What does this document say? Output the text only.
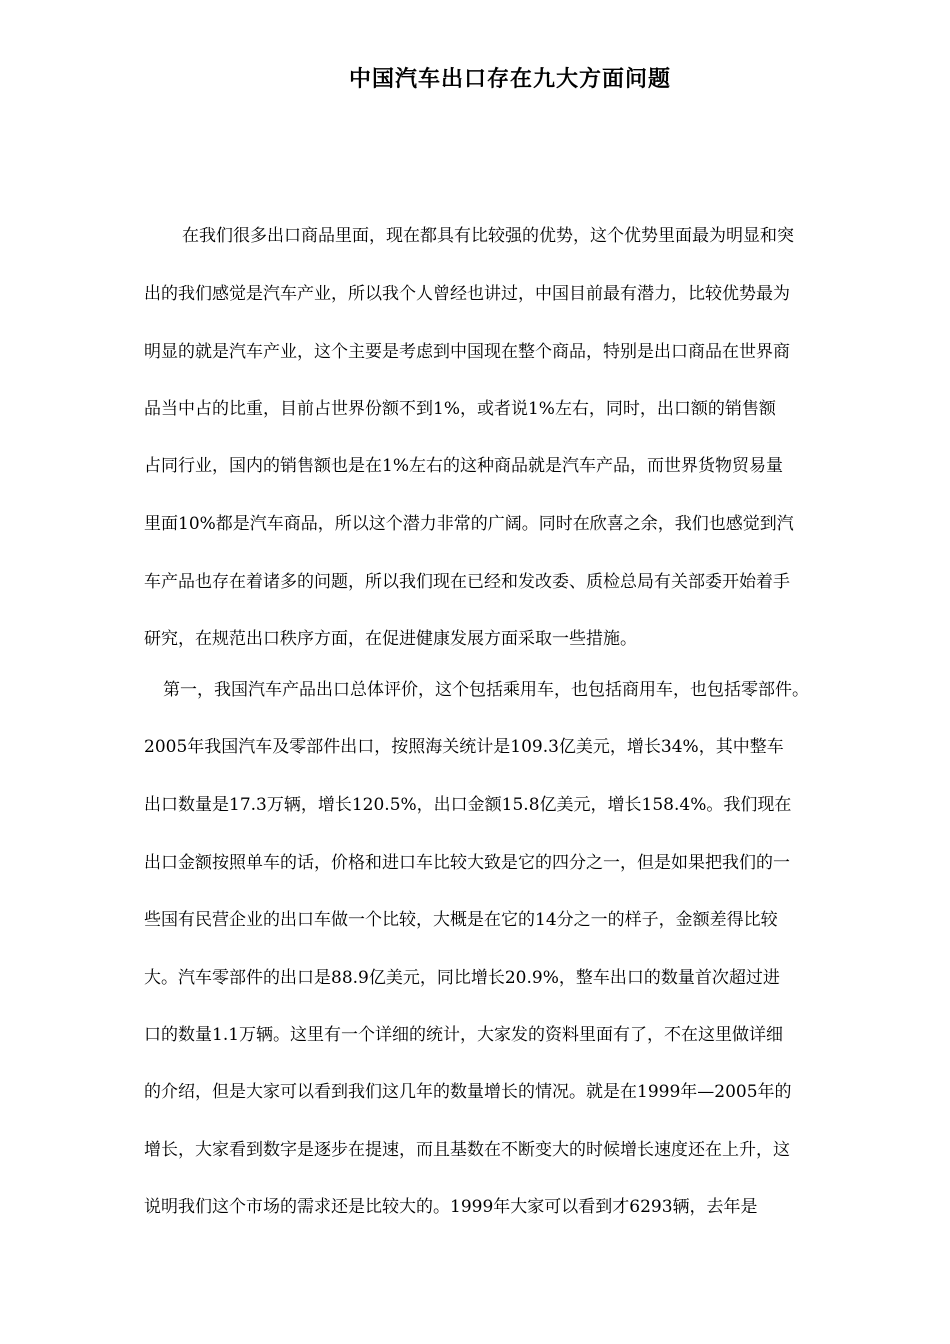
中国汽车出口存在九大方面问题

在我们很多出口商品里面，现在都具有比较强的优势，这个优势里面最为明显和突

出的我们感觉是汽车产业，所以我个人曾经也讲过，中国目前最有潜力，比较优势最为

明显的就是汽车产业，这个主要是考虑到中国现在整个商品，特别是出口商品在世界商

品当中占的比重，目前占世界份额不到1%，或者说1%左右，同时，出口额的销售额

占同行业，国内的销售额也是在1%左右的这种商品就是汽车产品，而世界货物贸易量

里面10%都是汽车商品，所以这个潜力非常的广阔。同时在欣喜之余，我们也感觉到汽

车产品也存在着诸多的问题，所以我们现在已经和发改委、质检总局有关部委开始着手

研究，在规范出口秩序方面，在促进健康发展方面采取一些措施。

第一，我国汽车产品出口总体评价，这个包括乘用车，也包括商用车，也包括零部件。

2005年我国汽车及零部件出口，按照海关统计是109.3亿美元，增长34%，其中整车

出口数量是17.3万辆，增长120.5%，出口金额15.8亿美元，增长158.4%。我们现在

出口金额按照单车的话，价格和进口车比较大致是它的四分之一，但是如果把我们的一

些国有民营企业的出口车做一个比较，大概是在它的14分之一的样子，金额差得比较

大。汽车零部件的出口是88.9亿美元，同比增长20.9%，整车出口的数量首次超过进

口的数量1.1万辆。这里有一个详细的统计，大家发的资料里面有了，不在这里做详细

的介绍，但是大家可以看到我们这几年的数量增长的情况。就是在1999年—2005年的

增长，大家看到数字是逐步在提速，而且基数在不断变大的时候增长速度还在上升，这

说明我们这个市场的需求还是比较大的。1999年大家可以看到才6293辆，去年是
